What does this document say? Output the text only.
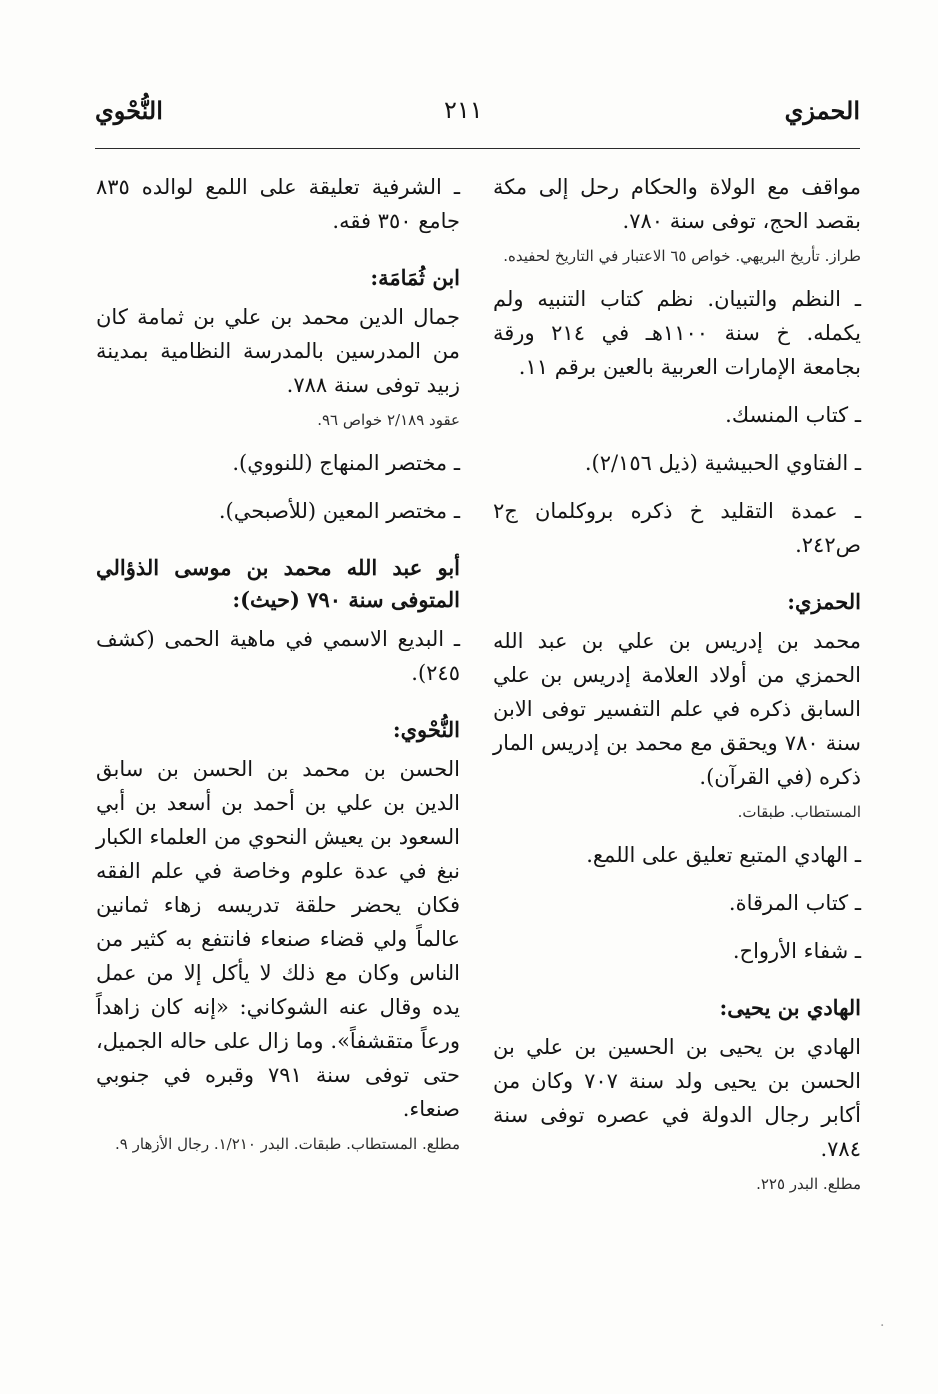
الحمزي
٢١١
النُّحْوي

مواقف مع الولاة والحكام رحل إلى مكة بقصد الحج، توفى سنة ٧٨٠.

طراز. تأريخ البريهي. خواص ٦٥ الاعتبار في التاريخ لحفيده.

ـ النظم والتبيان. نظم كتاب التنبيه ولم يكمله. خ سنة ١١٠٠هـ في ٢١٤ ورقة بجامعة الإمارات العربية بالعين برقم ١١.

ـ كتاب المنسك.

ـ الفتاوي الحبيشية (ذيل ٢/١٥٦).

ـ عمدة التقليد خ ذكره بروكلمان ج٢ ص٢٤٢.

الحمزي:

محمد بن إدريس بن علي بن عبد الله الحمزي من أولاد العلامة إدريس بن علي السابق ذكره في علم التفسير توفى الابن سنة ٧٨٠ ويحقق مع محمد بن إدريس المار ذكره (في القرآن).

المستطاب. طبقات.

ـ الهادي المتبع تعليق على اللمع.

ـ كتاب المرقاة.

ـ شفاء الأرواح.

الهادي بن يحيى:

الهادي بن يحيى بن الحسين بن علي بن الحسن بن يحيى ولد سنة ٧٠٧ وكان من أكابر رجال الدولة في عصره توفى سنة ٧٨٤.

مطلع. البدر ٢٢٥.

ـ الشرفية تعليقة على اللمع لوالده ٨٣٥ جامع ٣٥٠ فقه.

ابن ثُمَامَة:

جمال الدين محمد بن علي بن ثمامة كان من المدرسين بالمدرسة النظامية بمدينة زبيد توفى سنة ٧٨٨.

عقود ٢/١٨٩ خواص ٩٦.

ـ مختصر المنهاج (للنووي).

ـ مختصر المعين (للأصبحي).

أبو عبد الله محمد بن موسى الذؤالي المتوفى سنة ٧٩٠ (حيث):

ـ البديع الاسمي في ماهية الحمى (كشف ٢٤٥).

النُّحْوي:

الحسن بن محمد بن الحسن بن سابق الدين بن علي بن أحمد بن أسعد بن أبي السعود بن يعيش النحوي من العلماء الكبار نبغ في عدة علوم وخاصة في علم الفقه فكان يحضر حلقة تدريسه زهاء ثمانين عالماً ولي قضاء صنعاء فانتفع به كثير من الناس وكان مع ذلك لا يأكل إلا من عمل يده وقال عنه الشوكاني: «إنه كان زاهداً ورعاً متقشفاً». وما زال على حاله الجميل، حتى توفى سنة ٧٩١ وقبره في جنوبي صنعاء.

مطلع. المستطاب. طبقات. البدر ١/٢١٠. رجال الأزهار ٩.

·
